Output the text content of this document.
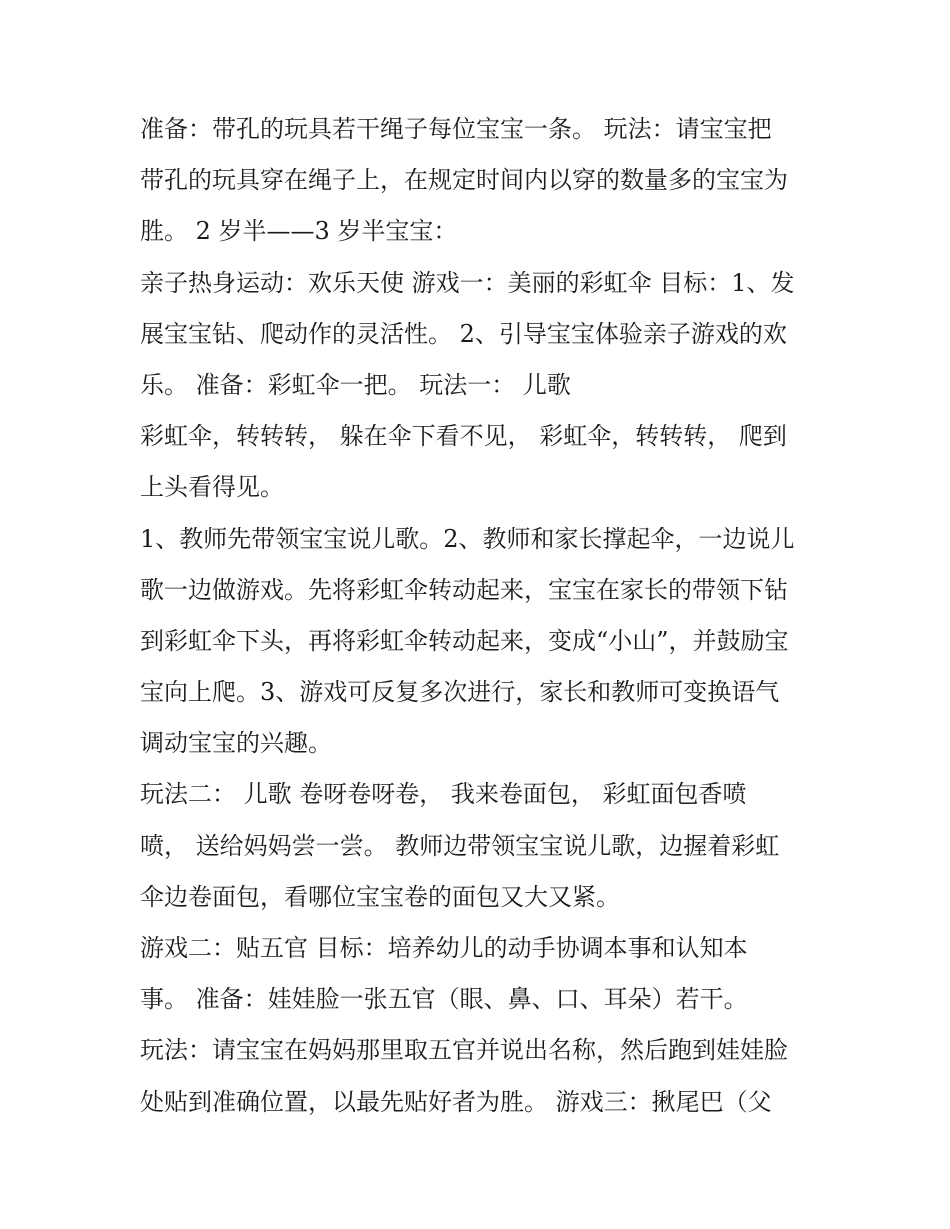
准备：带孔的玩具若干绳子每位宝宝一条。 玩法：请宝宝把
带孔的玩具穿在绳子上，在规定时间内以穿的数量多的宝宝为
胜。 2 岁半——3 岁半宝宝：
亲子热身运动：欢乐天使 游戏一：美丽的彩虹伞 目标：1、发
展宝宝钻、爬动作的灵活性。 2、引导宝宝体验亲子游戏的欢
乐。 准备：彩虹伞一把。 玩法一： 儿歌
彩虹伞，转转转， 躲在伞下看不见， 彩虹伞，转转转， 爬到
上头看得见。
1、教师先带领宝宝说儿歌。2、教师和家长撑起伞，一边说儿
歌一边做游戏。先将彩虹伞转动起来，宝宝在家长的带领下钻
到彩虹伞下头，再将彩虹伞转动起来，变成“小山”，并鼓励宝
宝向上爬。3、游戏可反复多次进行，家长和教师可变换语气
调动宝宝的兴趣。
玩法二： 儿歌 卷呀卷呀卷， 我来卷面包， 彩虹面包香喷
喷， 送给妈妈尝一尝。 教师边带领宝宝说儿歌，边握着彩虹
伞边卷面包，看哪位宝宝卷的面包又大又紧。
游戏二：贴五官 目标：培养幼儿的动手协调本事和认知本
事。 准备：娃娃脸一张五官（眼、鼻、口、耳朵）若干。
玩法：请宝宝在妈妈那里取五官并说出名称，然后跑到娃娃脸
处贴到准确位置，以最先贴好者为胜。 游戏三：揪尾巴（父
